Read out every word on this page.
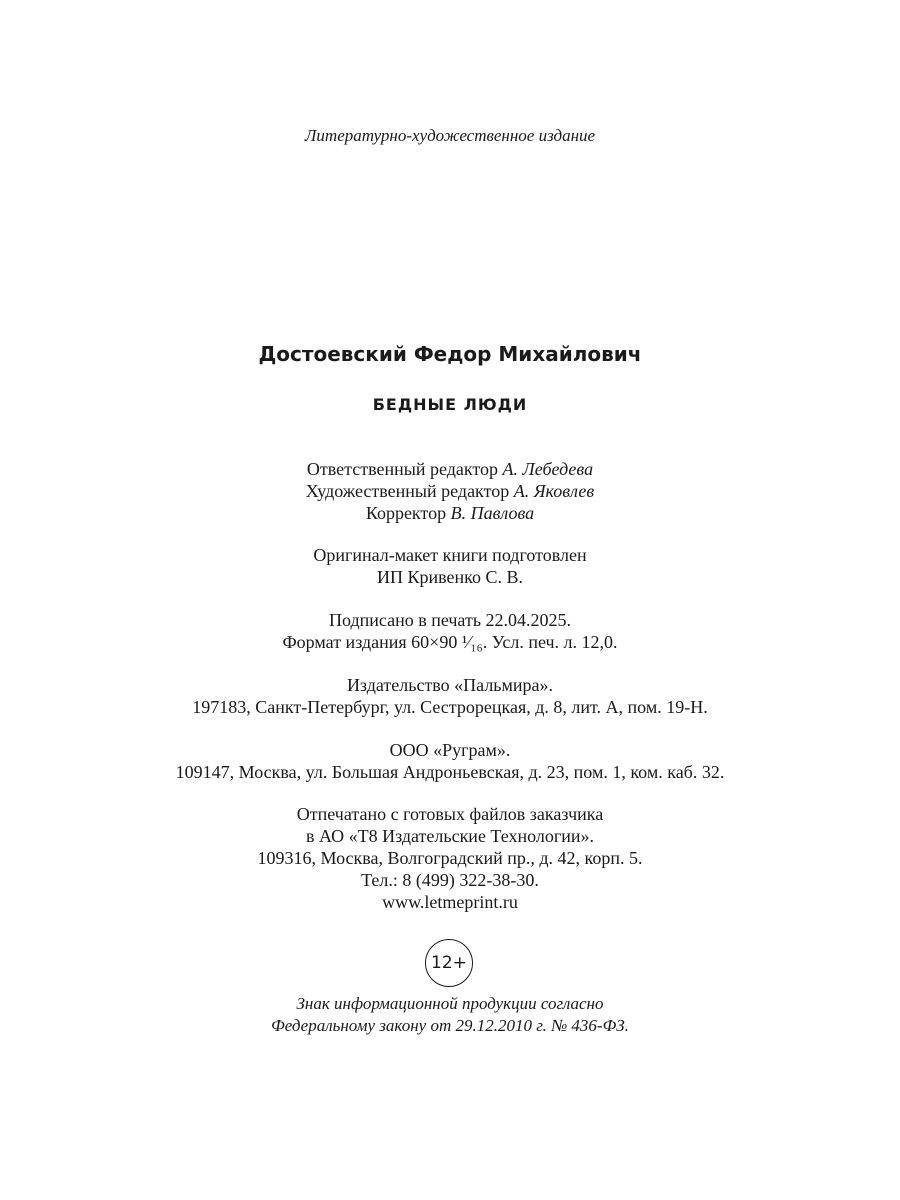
Литературно-художественное издание
Достоевский Федор Михайлович
БЕДНЫЕ ЛЮДИ
Ответственный редактор А. Лебедева
Художественный редактор А. Яковлев
Корректор В. Павлова
Оригинал-макет книги подготовлен
ИП Кривенко С. В.
Подписано в печать 22.04.2025.
Формат издания 60×90 ¹⁄₁₆. Усл. печ. л. 12,0.
Издательство «Пальмира».
197183, Санкт-Петербург, ул. Сестрорецкая, д. 8, лит. А, пом. 19-Н.
ООО «Руграм».
109147, Москва, ул. Большая Андроньевская, д. 23, пом. 1, ком. каб. 32.
Отпечатано с готовых файлов заказчика
в АО «Т8 Издательские Технологии».
109316, Москва, Волгоградский пр., д. 42, корп. 5.
Тел.: 8 (499) 322-38-30.
www.letmeprint.ru
12+
Знак информационной продукции согласно
Федеральному закону от 29.12.2010 г. № 436-ФЗ.
